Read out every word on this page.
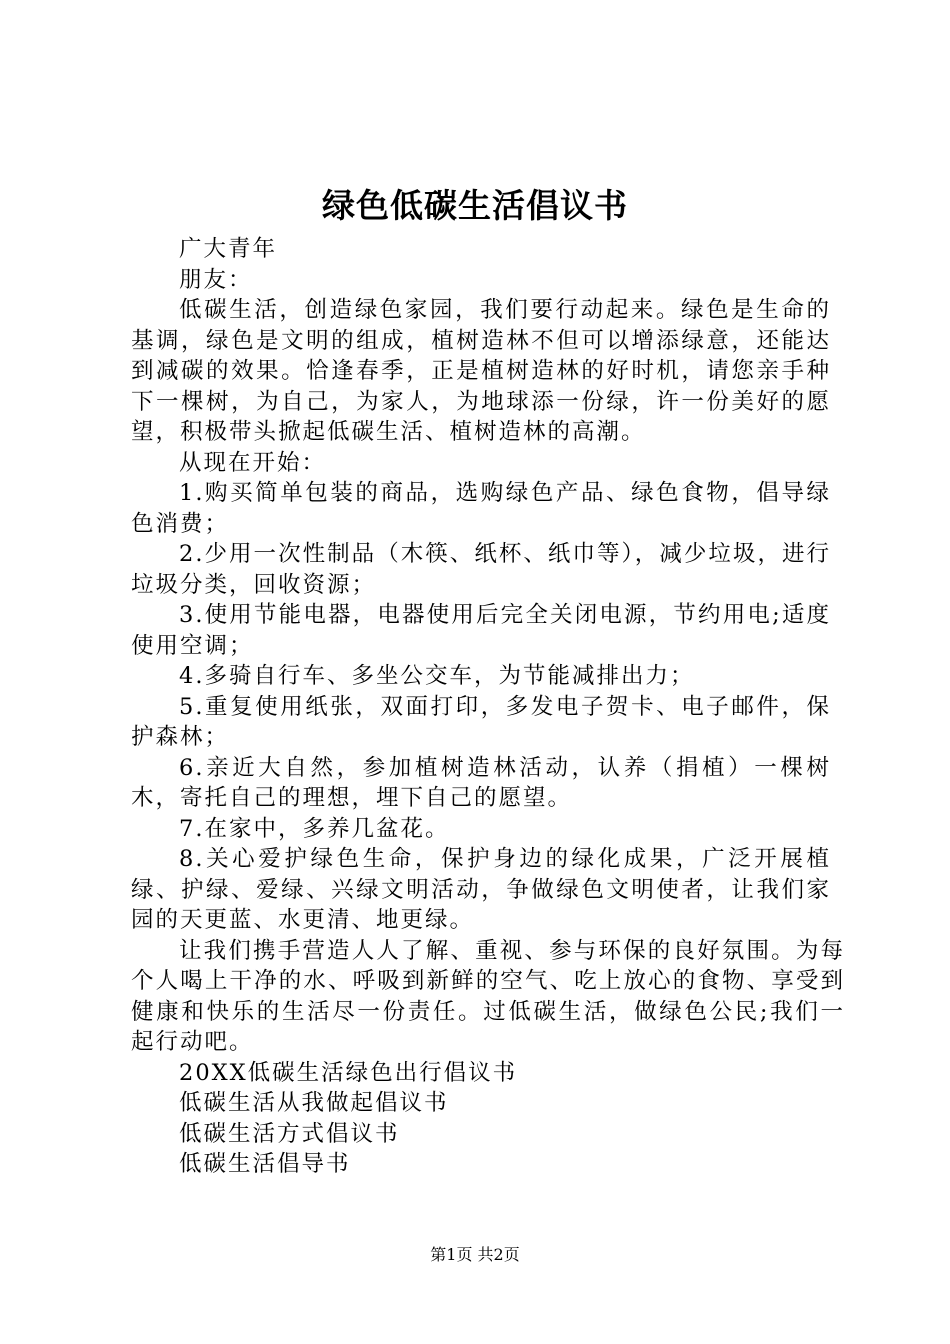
绿色低碳生活倡议书

广大青年

朋友：

低碳生活，创造绿色家园，我们要行动起来。绿色是生命的基调，绿色是文明的组成，植树造林不但可以增添绿意，还能达到减碳的效果。恰逢春季，正是植树造林的好时机，请您亲手种下一棵树，为自己，为家人，为地球添一份绿，许一份美好的愿望，积极带头掀起低碳生活、植树造林的高潮。

从现在开始：

1.购买简单包装的商品，选购绿色产品、绿色食物，倡导绿色消费；

2.少用一次性制品（木筷、纸杯、纸巾等），减少垃圾，进行垃圾分类，回收资源；

3.使用节能电器，电器使用后完全关闭电源，节约用电;适度使用空调；

4.多骑自行车、多坐公交车，为节能减排出力；

5.重复使用纸张，双面打印，多发电子贺卡、电子邮件，保护森林；

6.亲近大自然，参加植树造林活动，认养（捐植）一棵树木，寄托自己的理想，埋下自己的愿望。

7.在家中，多养几盆花。

8.关心爱护绿色生命，保护身边的绿化成果，广泛开展植绿、护绿、爱绿、兴绿文明活动，争做绿色文明使者，让我们家园的天更蓝、水更清、地更绿。

让我们携手营造人人了解、重视、参与环保的良好氛围。为每个人喝上干净的水、呼吸到新鲜的空气、吃上放心的食物、享受到健康和快乐的生活尽一份责任。过低碳生活，做绿色公民;我们一起行动吧。

20XX低碳生活绿色出行倡议书

低碳生活从我做起倡议书

低碳生活方式倡议书

低碳生活倡导书

第1页 共2页
